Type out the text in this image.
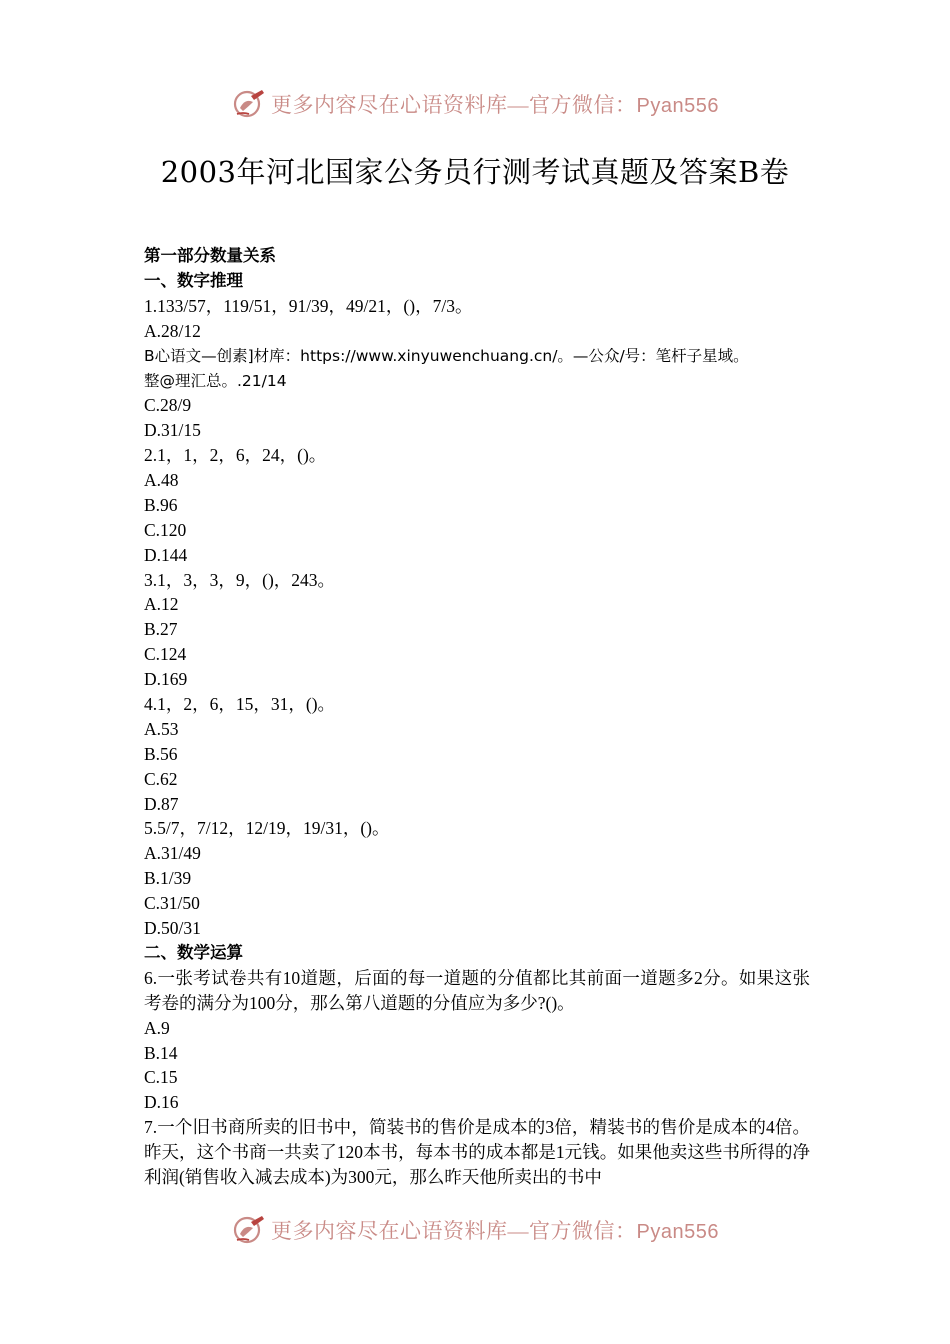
更多内容尽在心语资料库—官方微信：Pyan556
2003年河北国家公务员行测考试真题及答案B卷
第一部分数量关系
一、数字推理
1.133/57，119/51，91/39，49/21，()，7/3。
A.28/12
B心语文—创素]材库：https://www.xinyuwenchuang.cn/。—公众/号：笔杆子星域。
整@理汇总。.21/14
C.28/9
D.31/15
2.1，1，2，6，24，()。
A.48
B.96
C.120
D.144
3.1，3，3，9，()，243。
A.12
B.27
C.124
D.169
4.1，2，6，15，31，()。
A.53
B.56
C.62
D.87
5.5/7，7/12，12/19，19/31，()。
A.31/49
B.1/39
C.31/50
D.50/31
二、数学运算
6.一张考试卷共有10道题，后面的每一道题的分值都比其前面一道题多2分。如果这张考卷的满分为100分，那么第八道题的分值应为多少?()。
A.9
B.14
C.15
D.16
7.一个旧书商所卖的旧书中，简装书的售价是成本的3倍，精装书的售价是成本的4倍。昨天，这个书商一共卖了120本书，每本书的成本都是1元钱。如果他卖这些书所得的净利润(销售收入减去成本)为300元，那么昨天他所卖出的书中
更多内容尽在心语资料库—官方微信：Pyan556
